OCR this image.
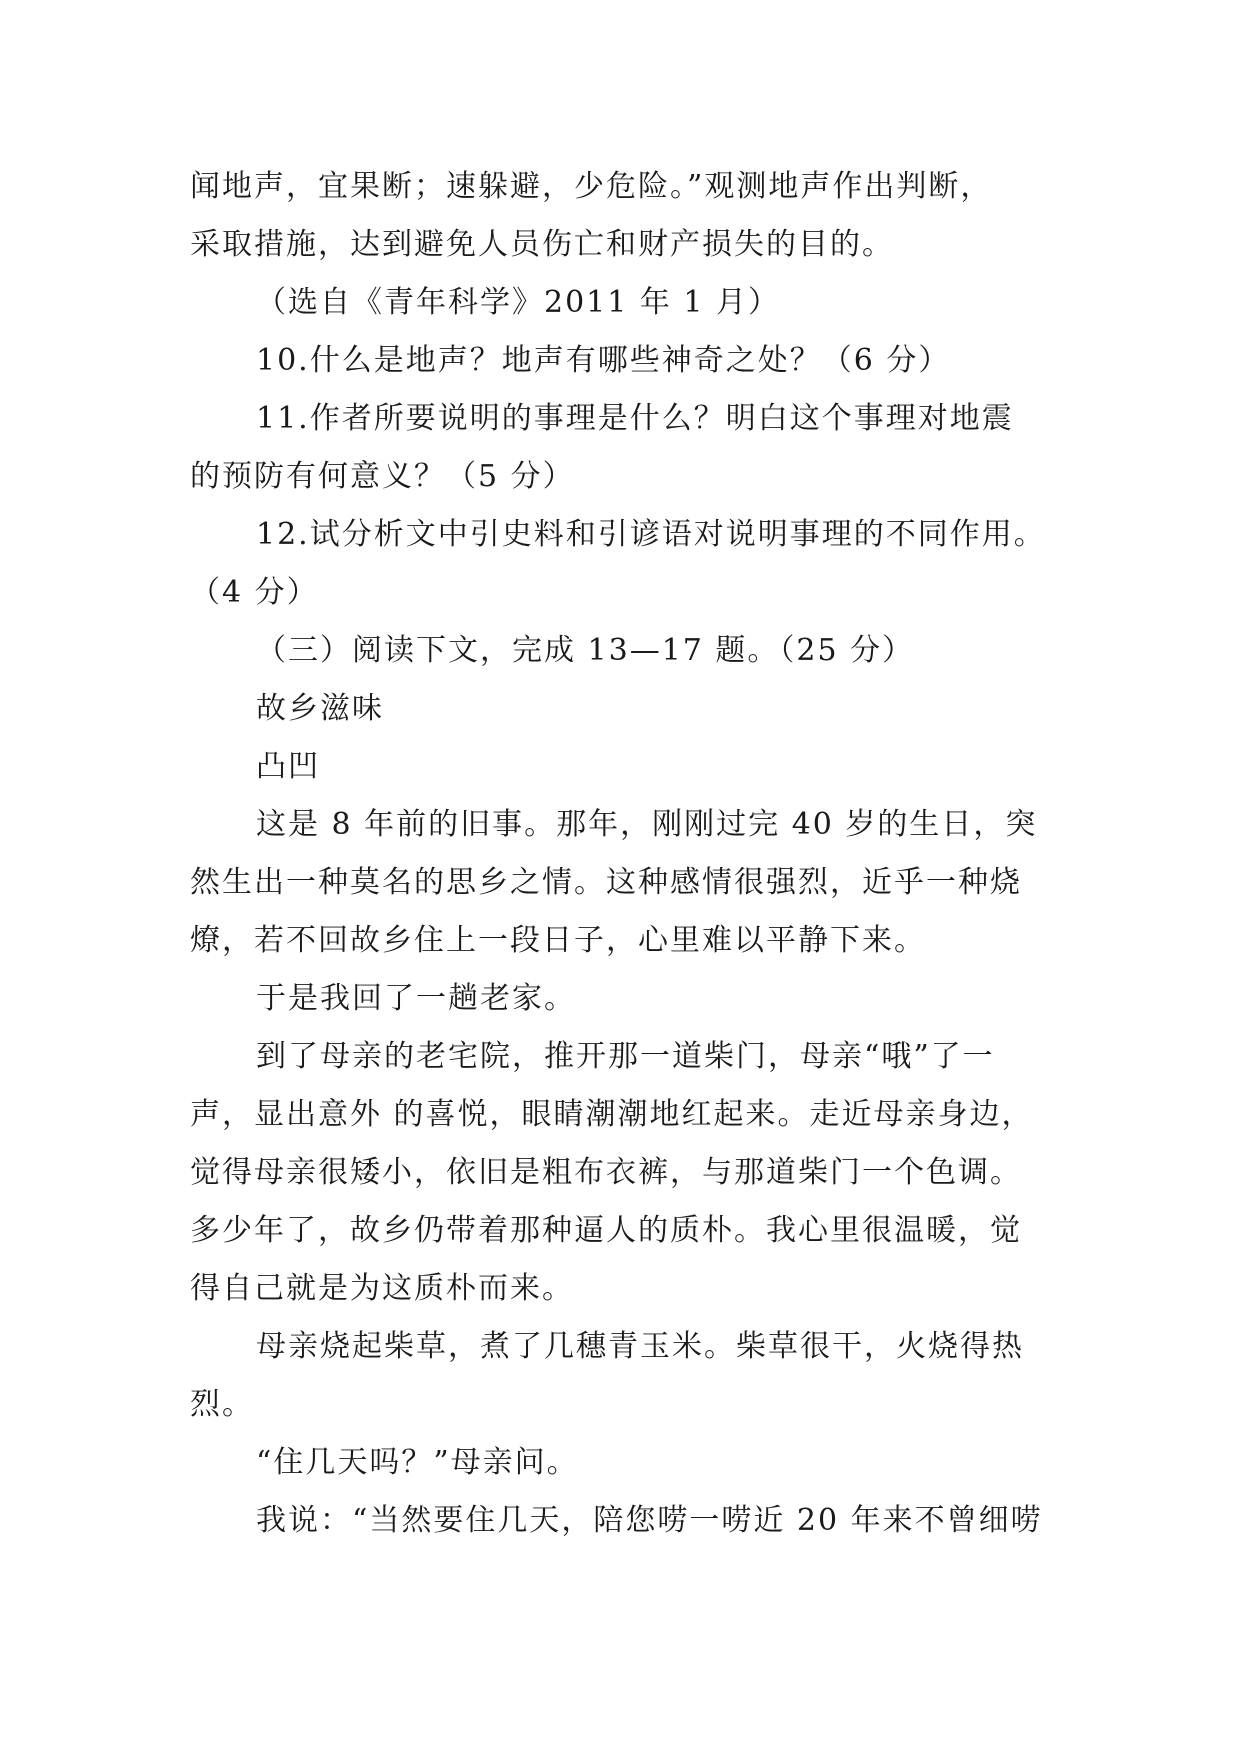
闻地声，宜果断；速躲避，少危险。”观测地声作出判断，
采取措施，达到避免人员伤亡和财产损失的目的。
（选自《青年科学》2011 年 1 月）
10.什么是地声？地声有哪些神奇之处？（6 分）
11.作者所要说明的事理是什么？明白这个事理对地震
的预防有何意义？（5 分）
12.试分析文中引史料和引谚语对说明事理的不同作用。
（4 分）
（三）阅读下文，完成 13—17 题。（25 分）
故乡滋味
凸凹
这是 8 年前的旧事。那年，刚刚过完 40 岁的生日，突
然生出一种莫名的思乡之情。这种感情很强烈，近乎一种烧
燎，若不回故乡住上一段日子，心里难以平静下来。
于是我回了一趟老家。
到了母亲的老宅院，推开那一道柴门，母亲“哦”了一
声，显出意外 的喜悦，眼睛潮潮地红起来。走近母亲身边，
觉得母亲很矮小，依旧是粗布衣裤，与那道柴门一个色调。
多少年了，故乡仍带着那种逼人的质朴。我心里很温暖，觉
得自己就是为这质朴而来。
母亲烧起柴草，煮了几穗青玉米。柴草很干，火烧得热
烈。
“住几天吗？”母亲问。
我说：“当然要住几天，陪您唠一唠近 20 年来不曾细唠
